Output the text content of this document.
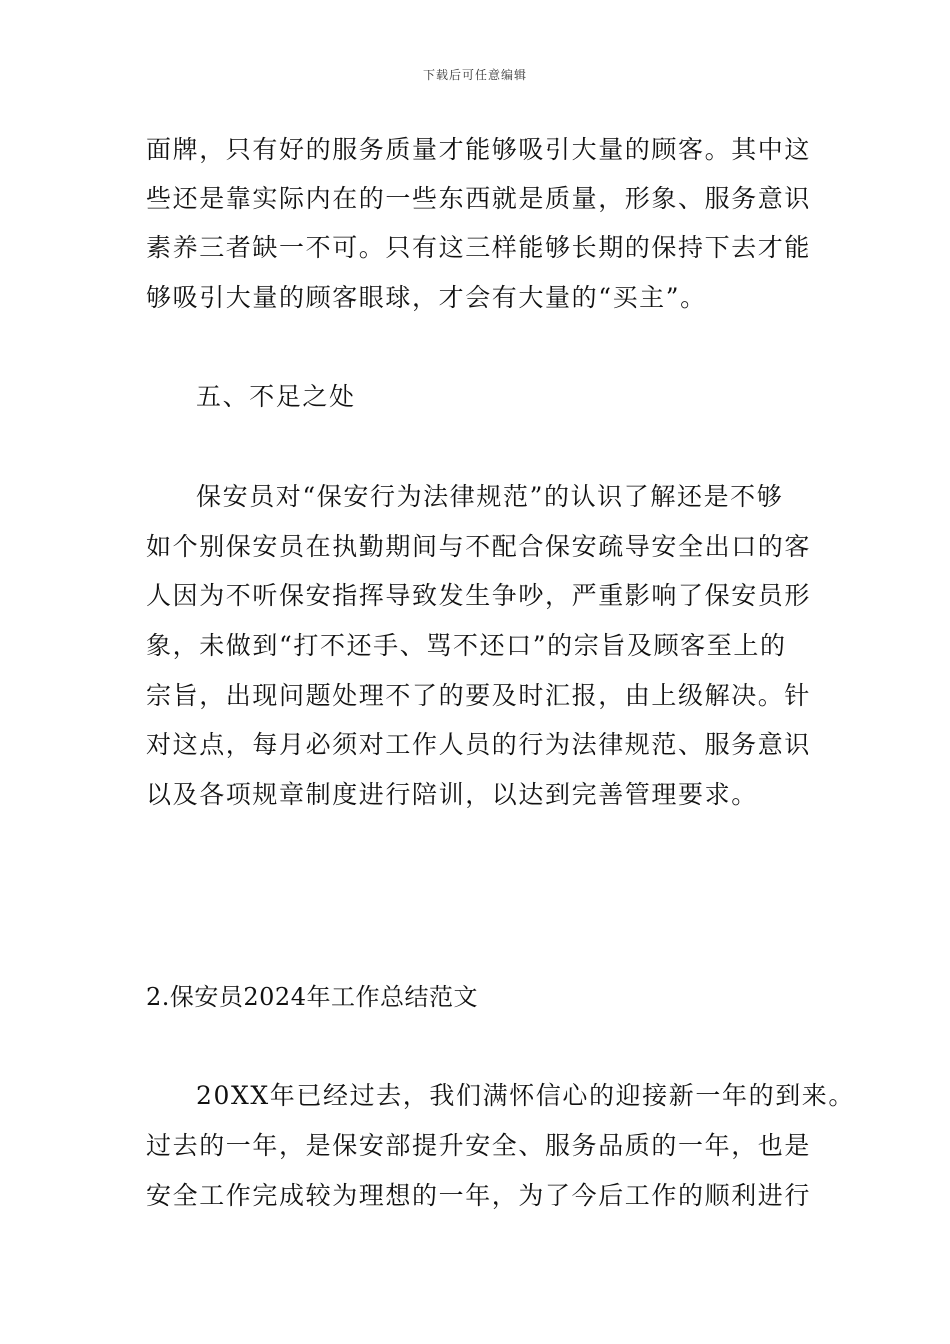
下载后可任意编辑
面牌，只有好的服务质量才能够吸引大量的顾客。其中这
些还是靠实际内在的一些东西就是质量，形象、服务意识
素养三者缺一不可。只有这三样能够长期的保持下去才能
够吸引大量的顾客眼球，才会有大量的“买主”。
五、不足之处
保安员对“保安行为法律规范”的认识了解还是不够
如个别保安员在执勤期间与不配合保安疏导安全出口的客
人因为不听保安指挥导致发生争吵，严重影响了保安员形
象，未做到“打不还手、骂不还口”的宗旨及顾客至上的
宗旨，出现问题处理不了的要及时汇报，由上级解决。针
对这点，每月必须对工作人员的行为法律规范、服务意识
以及各项规章制度进行陪训，以达到完善管理要求。
2.保安员2024年工作总结范文
20XX年已经过去，我们满怀信心的迎接新一年的到来。
过去的一年，是保安部提升安全、服务品质的一年，也是
安全工作完成较为理想的一年，为了今后工作的顺利进行
